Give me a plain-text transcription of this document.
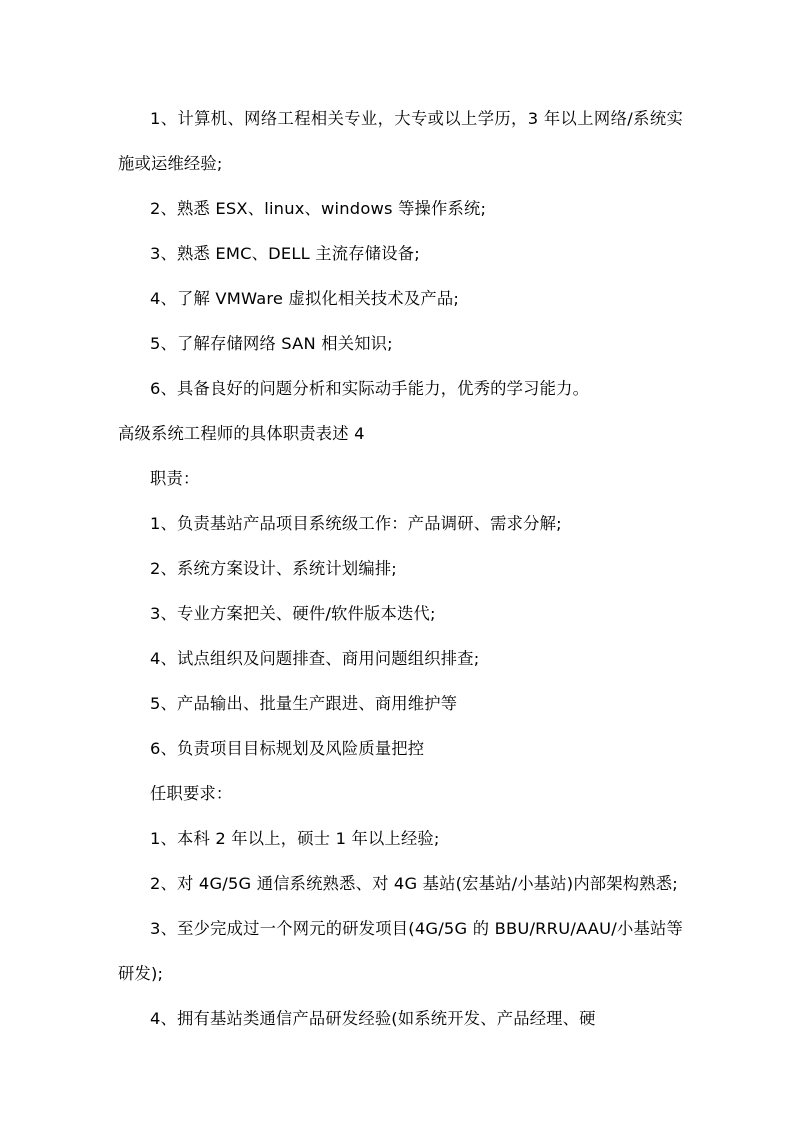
1、计算机、网络工程相关专业，大专或以上学历，3 年以上网络/系统实施或运维经验;

2、熟悉 ESX、linux、windows 等操作系统;

3、熟悉 EMC、DELL 主流存储设备;

4、了解 VMWare 虚拟化相关技术及产品;

5、了解存储网络 SAN 相关知识;

6、具备良好的问题分析和实际动手能力，优秀的学习能力。

高级系统工程师的具体职责表述 4

职责：

1、负责基站产品项目系统级工作：产品调研、需求分解;

2、系统方案设计、系统计划编排;

3、专业方案把关、硬件/软件版本迭代;

4、试点组织及问题排查、商用问题组织排查;

5、产品输出、批量生产跟进、商用维护等

6、负责项目目标规划及风险质量把控

任职要求：

1、本科 2 年以上，硕士 1 年以上经验;

2、对 4G/5G 通信系统熟悉、对 4G 基站(宏基站/小基站)内部架构熟悉;

3、至少完成过一个网元的研发项目(4G/5G 的 BBU/RRU/AAU/小基站等研发);

4、拥有基站类通信产品研发经验(如系统开发、产品经理、硬
